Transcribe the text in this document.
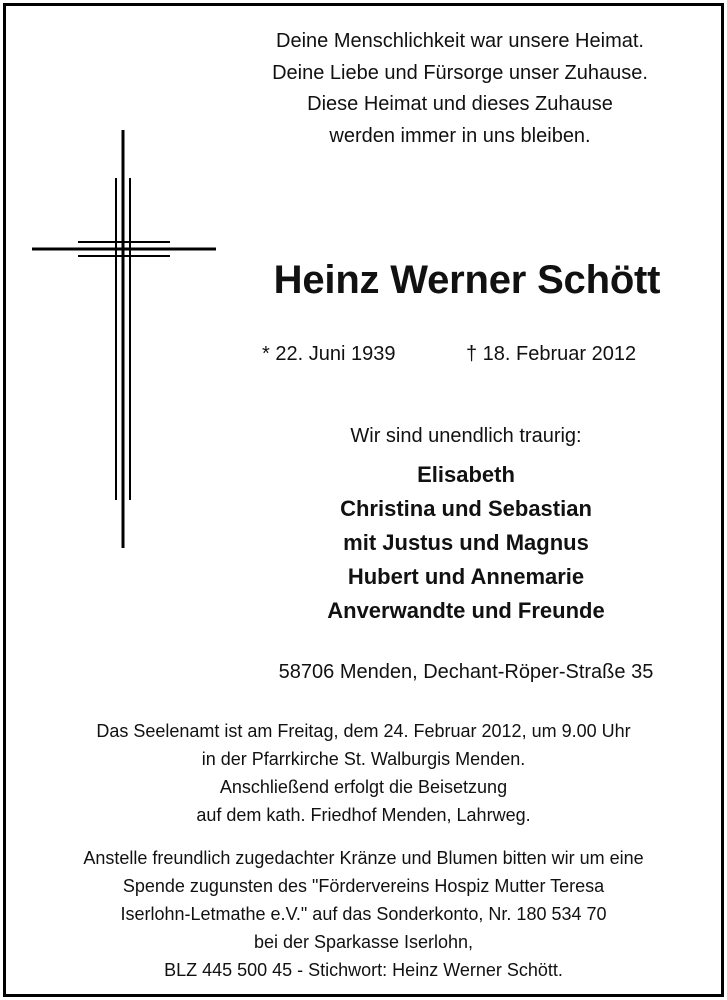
Deine Menschlichkeit war unsere Heimat.
Deine Liebe und Fürsorge unser Zuhause.
Diese Heimat und dieses Zuhause
werden immer in uns bleiben.
Heinz Werner Schött
* 22. Juni 1939	† 18. Februar 2012
Wir sind unendlich traurig:
Elisabeth
Christina und Sebastian
mit Justus und Magnus
Hubert und Annemarie
Anverwandte und Freunde
58706 Menden, Dechant-Röper-Straße 35
Das Seelenamt ist am Freitag, dem 24. Februar 2012, um 9.00 Uhr
in der Pfarrkirche St. Walburgis Menden.
Anschließend erfolgt die Beisetzung
auf dem kath. Friedhof Menden, Lahrweg.
Anstelle freundlich zugedachter Kränze und Blumen bitten wir um eine
Spende zugunsten des "Fördervereins Hospiz Mutter Teresa
Iserlohn-Letmathe e.V." auf das Sonderkonto, Nr. 180 534 70
bei der Sparkasse Iserlohn,
BLZ 445 500 45 - Stichwort: Heinz Werner Schött.
